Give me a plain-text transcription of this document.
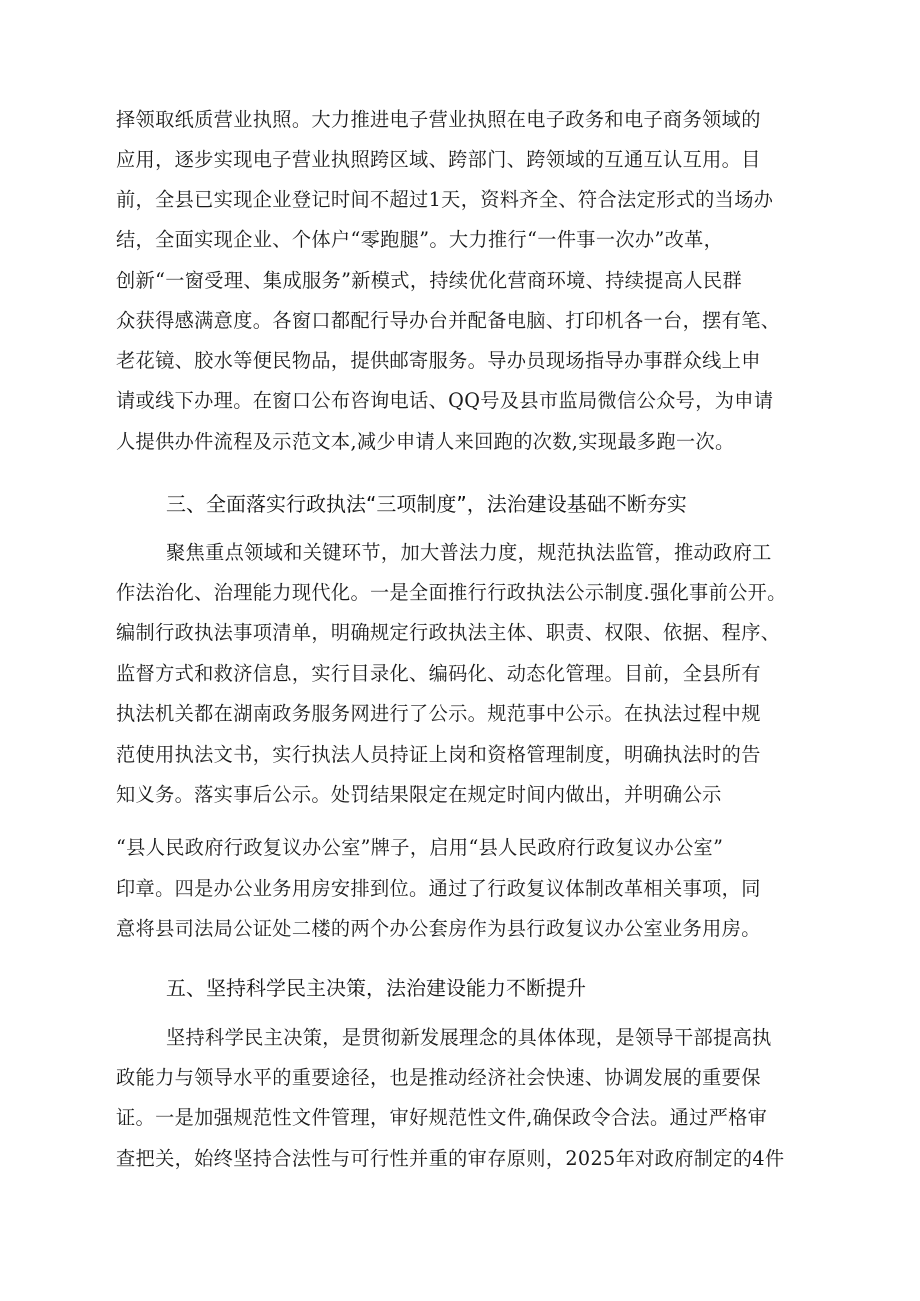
择领取纸质营业执照。大力推进电子营业执照在电子政务和电子商务领域的
应用，逐步实现电子营业执照跨区域、跨部门、跨领域的互通互认互用。目
前，全县已实现企业登记时间不超过1天，资料齐全、符合法定形式的当场办
结，全面实现企业、个体户“零跑腿”。大力推行“一件事一次办”改革，
创新“一窗受理、集成服务”新模式，持续优化营商环境、持续提高人民群
众获得感满意度。各窗口都配行导办台并配备电脑、打印机各一台，摆有笔、
老花镜、胶水等便民物品，提供邮寄服务。导办员现场指导办事群众线上申
请或线下办理。在窗口公布咨询电话、QQ号及县市监局微信公众号，为申请
人提供办件流程及示范文本,减少申请人来回跑的次数,实现最多跑一次。
三、全面落实行政执法“三项制度”，法治建设基础不断夯实
聚焦重点领域和关键环节，加大普法力度，规范执法监管，推动政府工
作法治化、治理能力现代化。一是全面推行行政执法公示制度.强化事前公开。
编制行政执法事项清单，明确规定行政执法主体、职责、权限、依据、程序、
监督方式和救济信息，实行目录化、编码化、动态化管理。目前，全县所有
执法机关都在湖南政务服务网进行了公示。规范事中公示。在执法过程中规
范使用执法文书，实行执法人员持证上岗和资格管理制度，明确执法时的告
知义务。落实事后公示。处罚结果限定在规定时间内做出，并明确公示
“县人民政府行政复议办公室”牌子，启用“县人民政府行政复议办公室”
印章。四是办公业务用房安排到位。通过了行政复议体制改革相关事项，同
意将县司法局公证处二楼的两个办公套房作为县行政复议办公室业务用房。
五、坚持科学民主决策，法治建设能力不断提升
坚持科学民主决策，是贯彻新发展理念的具体体现，是领导干部提高执
政能力与领导水平的重要途径，也是推动经济社会快速、协调发展的重要保
证。一是加强规范性文件管理，审好规范性文件,确保政令合法。通过严格审
查把关，始终坚持合法性与可行性并重的审存原则，2025年对政府制定的4件
